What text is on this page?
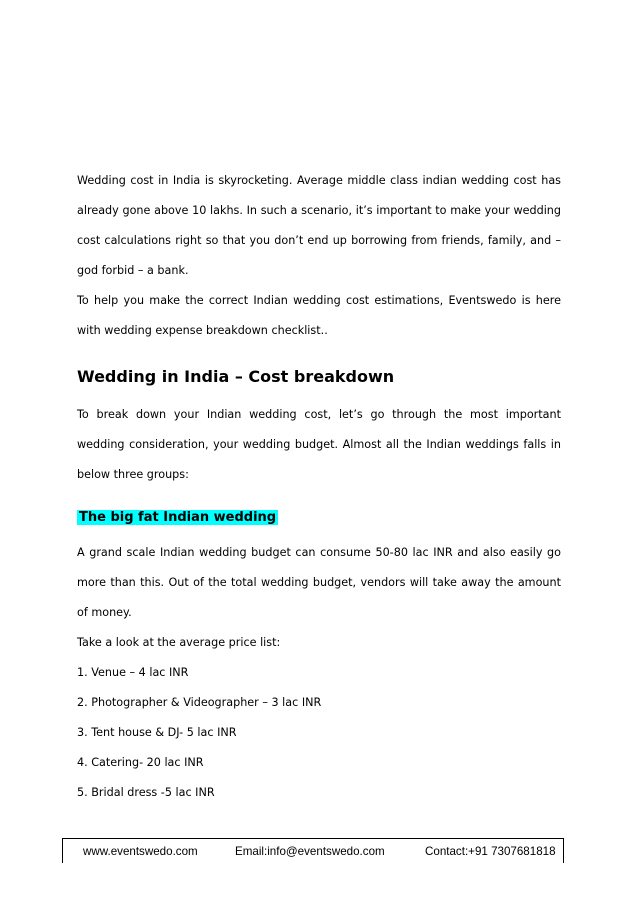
Wedding cost in India is skyrocketing. Average middle class indian wedding cost has already gone above 10 lakhs. In such a scenario, it’s important to make your wedding cost calculations right so that you don’t end up borrowing from friends, family, and – god forbid – a bank.

To help you make the correct Indian wedding cost estimations, Eventswedo is here with wedding expense breakdown checklist..

Wedding in India – Cost breakdown

To break down your Indian wedding cost, let’s go through the most important wedding consideration, your wedding budget. Almost all the Indian weddings falls in below three groups:

The big fat Indian wedding

A grand scale Indian wedding budget can consume 50-80 lac INR and also easily go more than this. Out of the total wedding budget, vendors will take away the amount of money.

Take a look at the average price list:

1. Venue – 4 lac INR
2. Photographer & Videographer – 3 lac INR
3. Tent house & DJ- 5 lac INR
4. Catering- 20 lac INR
5. Bridal dress -5 lac INR
www.eventswedo.com	Email:info@eventswedo.com	Contact:+91 7307681818
